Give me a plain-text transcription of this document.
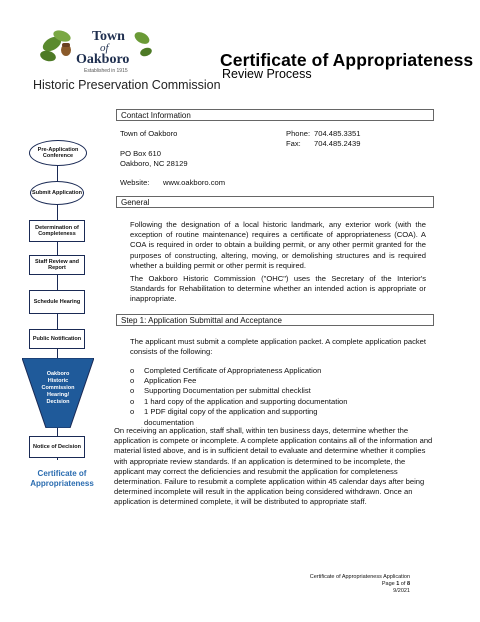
Town
of
Oakboro
Established in 1915
Historic Preservation Commission
Certificate of Appropriateness
Review Process
Pre-Application Conference
Submit Application
Determination of Completeness
Staff Review and Report
Schedule Hearing
Public Notification
Oakboro Historic Commission Hearing/ Decision
Notice of Decision
Certificate of Appropriateness
Contact Information
Town of Oakboro
PO Box 610
Oakboro, NC 28129
Phone: 704.485.3351
Fax: 704.485.2439
Website: www.oakboro.com
General
Following the designation of a local historic landmark, any exterior work (with the exception of routine maintenance) requires a certificate of appropriateness (COA). A COA is required in order to obtain a building permit, or any other permit granted for the purposes of constructing, altering, moving, or demolishing structures and is required whether a building permit or other permit is required.
The Oakboro Historic Commission ("OHC") uses the Secretary of the Interior's Standards for Rehabilitation to determine whether an intended action is appropriate or inappropriate.
Step 1: Application Submittal and Acceptance
The applicant must submit a complete application packet. A complete application packet consists of the following:
o Completed Certificate of Appropriateness Application
o Application Fee
o Supporting Documentation per submittal checklist
o 1 hard copy of the application and supporting documentation
o 1 PDF digital copy of the application and supporting
documentation
On receiving an application, staff shall, within ten business days, determine whether the application is compete or incomplete. A complete application contains all of the information and material listed above, and is in sufficient detail to evaluate and determine whether it complies with appropriate review standards. If an application is determined to be incomplete, the applicant may correct the deficiencies and resubmit the application for completeness determination. Failure to resubmit a complete application within 45 calendar days after being determined incomplete will result in the application being considered withdrawn. Once an application is determined complete, it will be distributed to appropriate staff.
Certificate of Appropriateness Application
Page 1 of 8
9/2021
